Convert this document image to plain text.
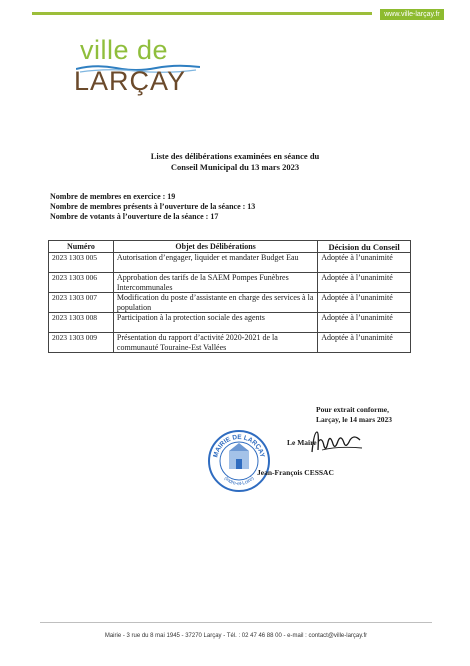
www.ville-larçay.fr
ville de
LARÇAY
Liste des délibérations examinées en séance du
Conseil Municipal du 13 mars 2023
Nombre de membres en exercice : 19
Nombre de membres présents à l’ouverture de la séance : 13
Nombre de votants à l’ouverture de la séance : 17
Numéro	Objet des Délibérations	Décision du Conseil
2023 1303 005	Autorisation d’engager, liquider et mandater Budget Eau	Adoptée à l’unanimité
2023 1303 006	Approbation des tarifs de la SAEM Pompes Funèbres Intercommunales	Adoptée à l’unanimité
2023 1303 007	Modification du poste d’assistante en charge des services à la population	Adoptée à l’unanimité
2023 1303 008	Participation à la protection sociale des agents	Adoptée à l’unanimité
2023 1303 009	Présentation du rapport d’activité 2020-2021 de la communauté Touraine-Est Vallées	Adoptée à l’unanimité
Pour extrait conforme,
Larçay, le 14 mars 2023
MAIRIE DE LARÇAY
(Indre-et-Loire)
Le Maire
Jean-François CESSAC
Mairie - 3 rue du 8 mai 1945 - 37270 Larçay - Tél. : 02 47 46 88 00 - e-mail : contact@ville-larçay.fr
